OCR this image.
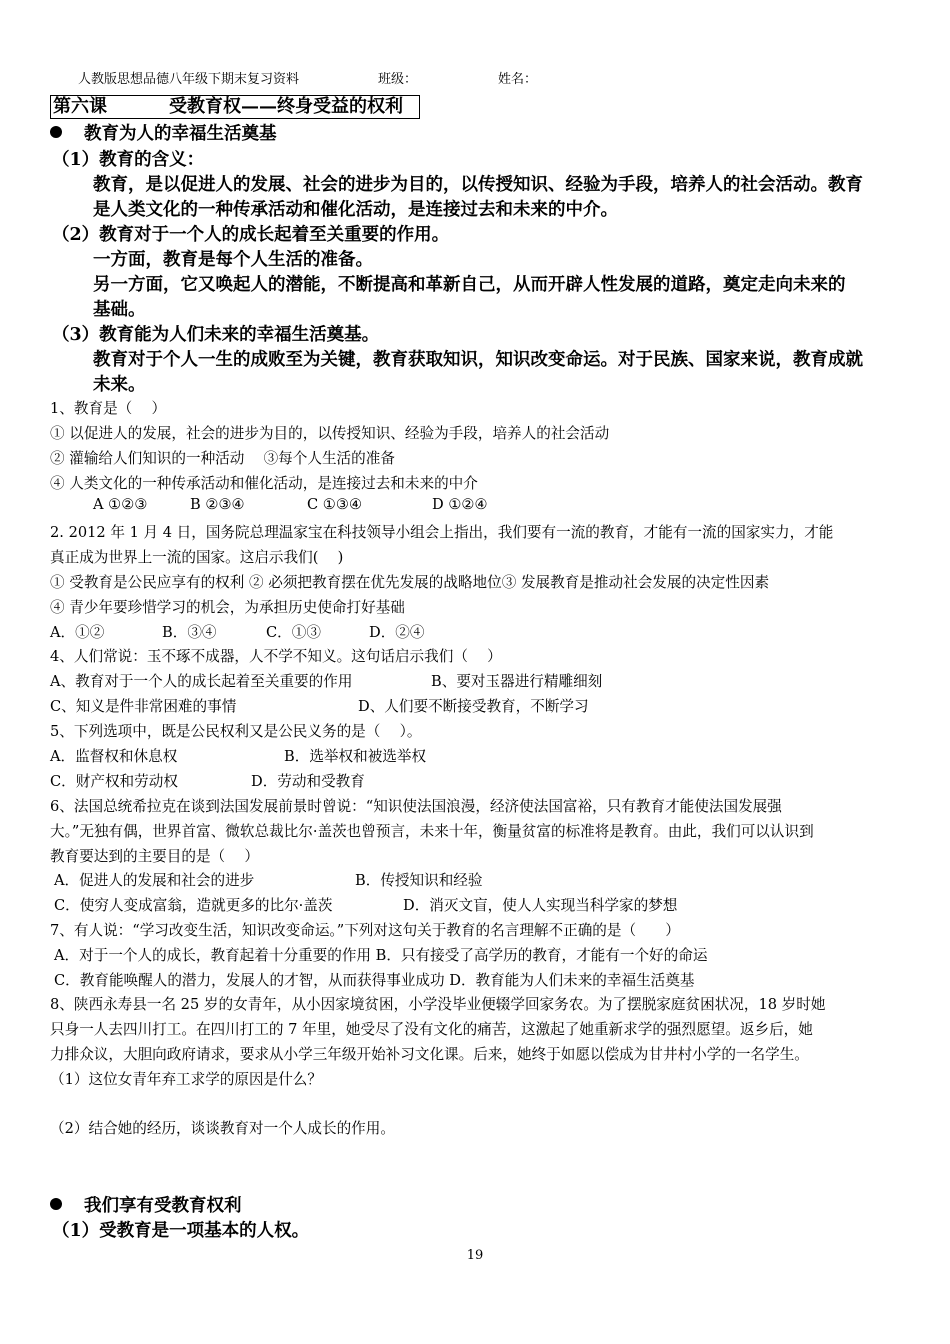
人教版思想品德八年级下期末复习资料	班级：	姓名：
第六课	受教育权——终身受益的权利
教育为人的幸福生活奠基
（1）教育的含义：
教育，是以促进人的发展、社会的进步为目的，以传授知识、经验为手段，培养人的社会活动。教育
是人类文化的一种传承活动和催化活动，是连接过去和未来的中介。
（2）教育对于一个人的成长起着至关重要的作用。
一方面，教育是每个人生活的准备。
另一方面，它又唤起人的潜能，不断提高和革新自己，从而开辟人性发展的道路，奠定走向未来的
基础。
（3）教育能为人们未来的幸福生活奠基。
教育对于个人一生的成败至为关键，教育获取知识，知识改变命运。对于民族、国家来说，教育成就
未来。
1、教育是（　 ）
① 以促进人的发展，社会的进步为目的，以传授知识、经验为手段，培养人的社会活动
② 灌输给人们知识的一种活动　 ③每个人生活的准备
④ 人类文化的一种传承活动和催化活动，是连接过去和未来的中介
A ①②③	B ②③④	C ①③④	D ①②④
2. 2012 年 1 月 4 日，国务院总理温家宝在科技领导小组会上指出，我们要有一流的教育，才能有一流的国家实力，才能
真正成为世界上一流的国家。这启示我们(　 )
① 受教育是公民应享有的权利 ② 必须把教育摆在优先发展的战略地位③ 发展教育是推动社会发展的决定性因素
④ 青少年要珍惜学习的机会，为承担历史使命打好基础
A．①②	B．③④	C．①③	D．②④
4、人们常说：玉不琢不成器，人不学不知义。这句话启示我们（　 ）
A、教育对于一个人的成长起着至关重要的作用	B、要对玉器进行精雕细刻
C、知义是件非常困难的事情	D、人们要不断接受教育，不断学习
5、下列选项中，既是公民权利又是公民义务的是（　 ）。
A．监督权和休息权	B．选举权和被选举权
C．财产权和劳动权	D．劳动和受教育
6、法国总统希拉克在谈到法国发展前景时曾说：“知识使法国浪漫，经济使法国富裕，只有教育才能使法国发展强
大。”无独有偶，世界首富、微软总裁比尔·盖茨也曾预言，未来十年，衡量贫富的标准将是教育。由此，我们可以认识到
教育要达到的主要目的是（　 ）
A．促进人的发展和社会的进步	B．传授知识和经验
C．使穷人变成富翁，造就更多的比尔·盖茨	D．消灭文盲，使人人实现当科学家的梦想
7、有人说：“学习改变生活，知识改变命运。”下列对这句关于教育的名言理解不正确的是（　　）
A．对于一个人的成长，教育起着十分重要的作用 B．只有接受了高学历的教育，才能有一个好的命运
C．教育能唤醒人的潜力，发展人的才智，从而获得事业成功 D．教育能为人们未来的幸福生活奠基
8、陕西永寿县一名 25 岁的女青年，从小因家境贫困，小学没毕业便辍学回家务农。为了摆脱家庭贫困状况，18 岁时她
只身一人去四川打工。在四川打工的 7 年里，她受尽了没有文化的痛苦，这激起了她重新求学的强烈愿望。返乡后，她
力排众议，大胆向政府请求，要求从小学三年级开始补习文化课。后来，她终于如愿以偿成为甘井村小学的一名学生。
（1）这位女青年弃工求学的原因是什么？
（2）结合她的经历，谈谈教育对一个人成长的作用。
我们享有受教育权利
（1）受教育是一项基本的人权。
19
